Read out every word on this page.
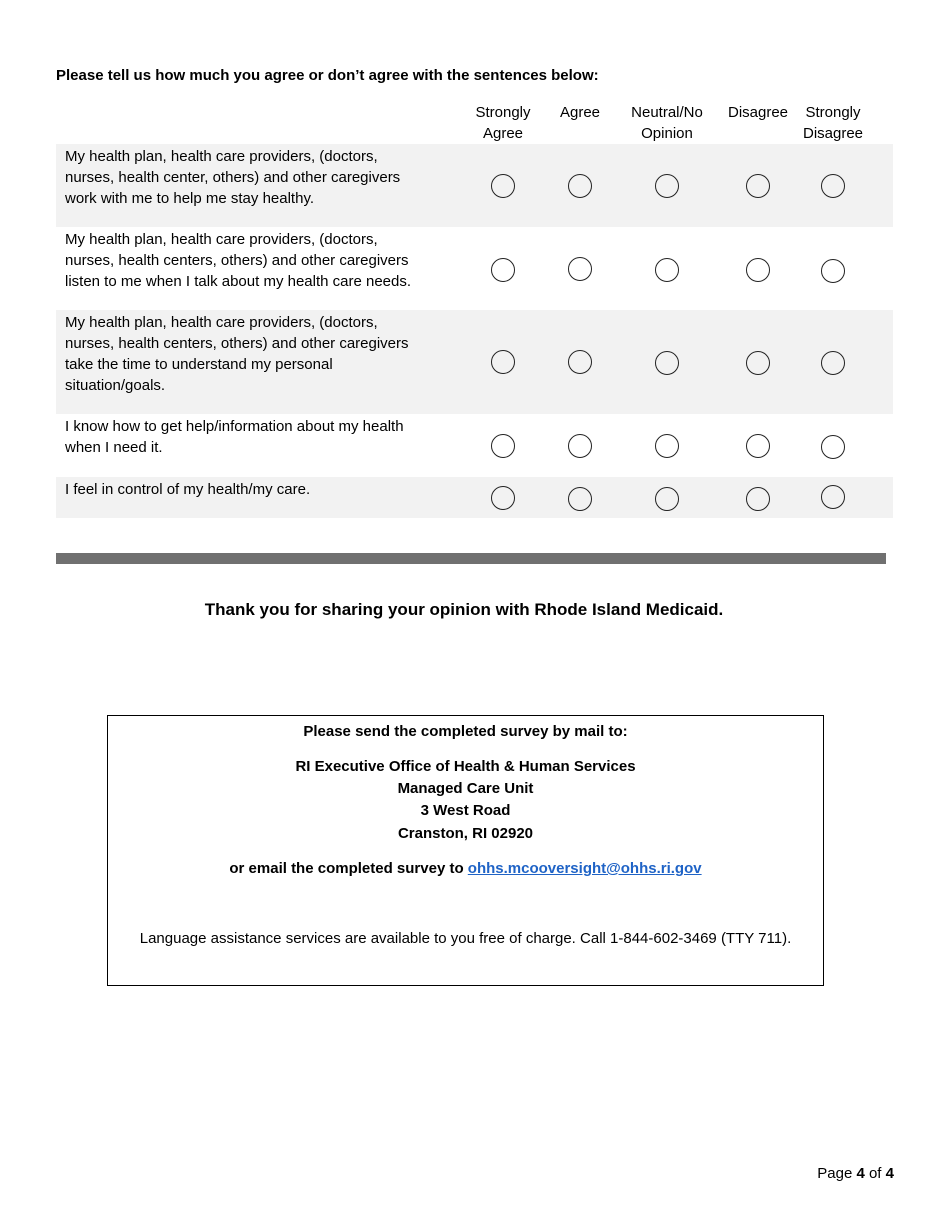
Please tell us how much you agree or don’t agree with the sentences below:
Strongly
Agree
Agree	Neutral/No
Opinion
Disagree	Strongly
Disagree
My health plan, health care providers, (doctors,
nurses, health center, others) and other caregivers
work with me to help me stay healthy.
My health plan, health care providers, (doctors,
nurses, health centers, others) and other caregivers
listen to me when I talk about my health care needs.
My health plan, health care providers, (doctors,
nurses, health centers, others) and other caregivers
take the time to understand my personal
situation/goals.
I know how to get help/information about my health
when I need it.
I feel in control of my health/my care.
Thank you for sharing your opinion with Rhode Island Medicaid.
Please send the completed survey by mail to:
RI Executive Office of Health & Human Services
Managed Care Unit
3 West Road
Cranston, RI 02920
or email the completed survey to ohhs.mcooversight@ohhs.ri.gov
Language assistance services are available to you free of charge. Call 1-844-602-3469 (TTY 711).
Page 4 of 4
